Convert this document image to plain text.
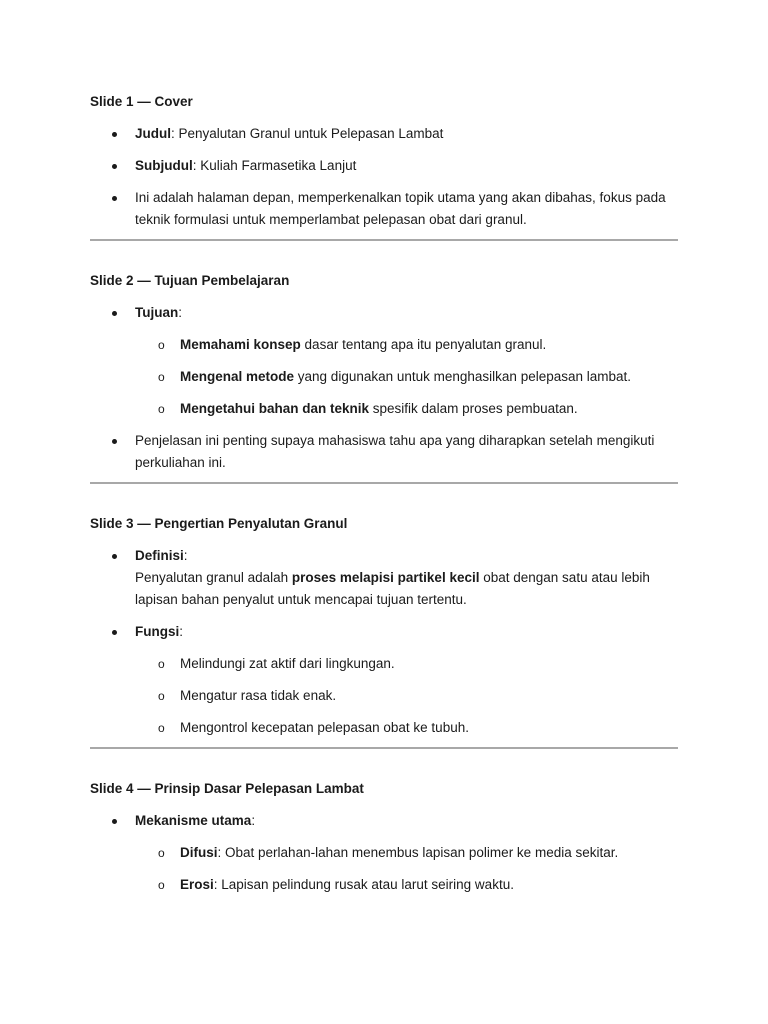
Slide 1 — Cover

Judul: Penyalutan Granul untuk Pelepasan Lambat
Subjudul: Kuliah Farmasetika Lanjut
Ini adalah halaman depan, memperkenalkan topik utama yang akan dibahas, fokus pada
teknik formulasi untuk memperlambat pelepasan obat dari granul.

Slide 2 — Tujuan Pembelajaran

Tujuan:
o Memahami konsep dasar tentang apa itu penyalutan granul.
o Mengenal metode yang digunakan untuk menghasilkan pelepasan lambat.
o Mengetahui bahan dan teknik spesifik dalam proses pembuatan.
Penjelasan ini penting supaya mahasiswa tahu apa yang diharapkan setelah mengikuti
perkuliahan ini.

Slide 3 — Pengertian Penyalutan Granul

Definisi:
Penyalutan granul adalah proses melapisi partikel kecil obat dengan satu atau lebih
lapisan bahan penyalut untuk mencapai tujuan tertentu.
Fungsi:
o Melindungi zat aktif dari lingkungan.
o Mengatur rasa tidak enak.
o Mengontrol kecepatan pelepasan obat ke tubuh.

Slide 4 — Prinsip Dasar Pelepasan Lambat

Mekanisme utama:
o Difusi: Obat perlahan-lahan menembus lapisan polimer ke media sekitar.
o Erosi: Lapisan pelindung rusak atau larut seiring waktu.
